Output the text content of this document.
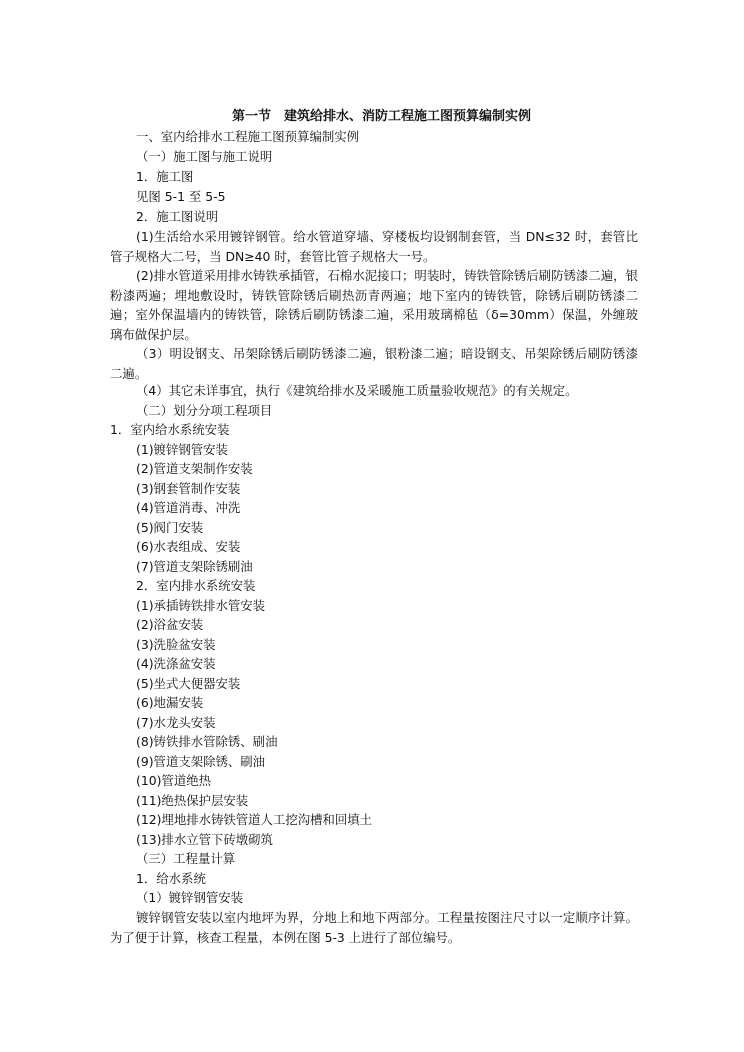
第一节　建筑给排水、消防工程施工图预算编制实例
一、室内给排水工程施工图预算编制实例
（一）施工图与施工说明
1．施工图
见图 5-1 至 5-5
2．施工图说明
(1)生活给水采用镀锌钢管。给水管道穿墙、穿楼板均设钢制套管，当 DN≤32 时，套管比管子规格大二号，当 DN≥40 时，套管比管子规格大一号。
(2)排水管道采用排水铸铁承插管，石棉水泥接口；明装时，铸铁管除锈后刷防锈漆二遍，银粉漆两遍；埋地敷设时，铸铁管除锈后刷热沥青两遍；地下室内的铸铁管，除锈后刷防锈漆二遍；室外保温墙内的铸铁管，除锈后刷防锈漆二遍，采用玻璃棉毡（δ=30mm）保温，外缠玻璃布做保护层。
（3）明设钢支、吊架除锈后刷防锈漆二遍，银粉漆二遍；暗设钢支、吊架除锈后刷防锈漆二遍。
（4）其它未详事宜，执行《建筑给排水及采暖施工质量验收规范》的有关规定。
（二）划分分项工程项目
1．室内给水系统安装
(1)镀锌钢管安装
(2)管道支架制作安装
(3)钢套管制作安装
(4)管道消毒、冲洗
(5)阀门安装
(6)水表组成、安装
(7)管道支架除锈刷油
2．室内排水系统安装
(1)承插铸铁排水管安装
(2)浴盆安装
(3)洗脸盆安装
(4)洗涤盆安装
(5)坐式大便器安装
(6)地漏安装
(7)水龙头安装
(8)铸铁排水管除锈、刷油
(9)管道支架除锈、刷油
(10)管道绝热
(11)绝热保护层安装
(12)埋地排水铸铁管道人工挖沟槽和回填土
(13)排水立管下砖墩砌筑
（三）工程量计算
1．给水系统
（1）镀锌钢管安装
镀锌钢管安装以室内地坪为界，分地上和地下两部分。工程量按图注尺寸以一定顺序计算。为了便于计算，核查工程量，本例在图 5-3 上进行了部位编号。
